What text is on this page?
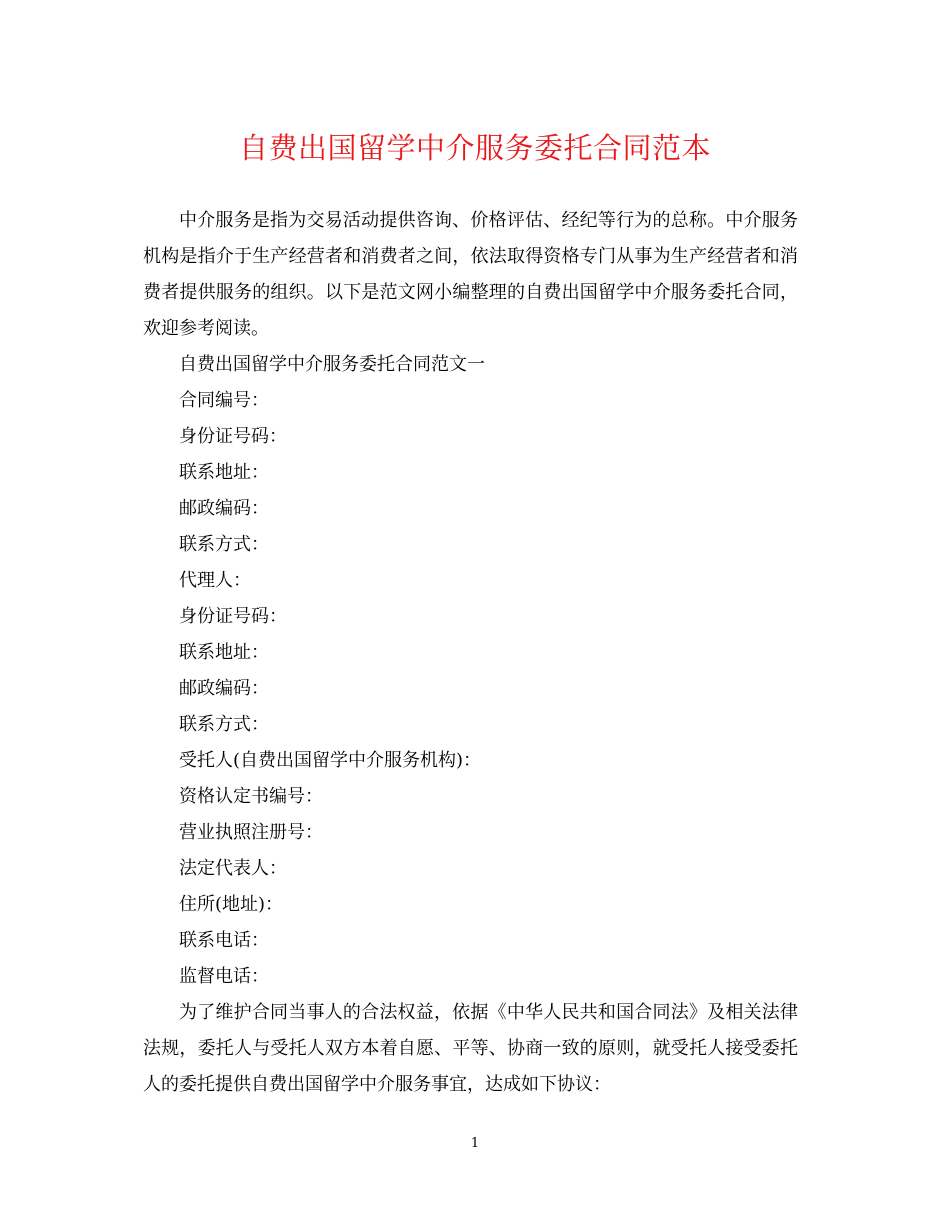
自费出国留学中介服务委托合同范本

中介服务是指为交易活动提供咨询、价格评估、经纪等行为的总称。中介服务机构是指介于生产经营者和消费者之间，依法取得资格专门从事为生产经营者和消费者提供服务的组织。以下是范文网小编整理的自费出国留学中介服务委托合同，欢迎参考阅读。

自费出国留学中介服务委托合同范文一

合同编号：

身份证号码：

联系地址：

邮政编码：

联系方式：

代理人：

身份证号码：

联系地址：

邮政编码：

联系方式：

受托人(自费出国留学中介服务机构)：

资格认定书编号：

营业执照注册号：

法定代表人：

住所(地址)：

联系电话：

监督电话：

为了维护合同当事人的合法权益，依据《中华人民共和国合同法》及相关法律法规，委托人与受托人双方本着自愿、平等、协商一致的原则，就受托人接受委托人的委托提供自费出国留学中介服务事宜，达成如下协议：

1
